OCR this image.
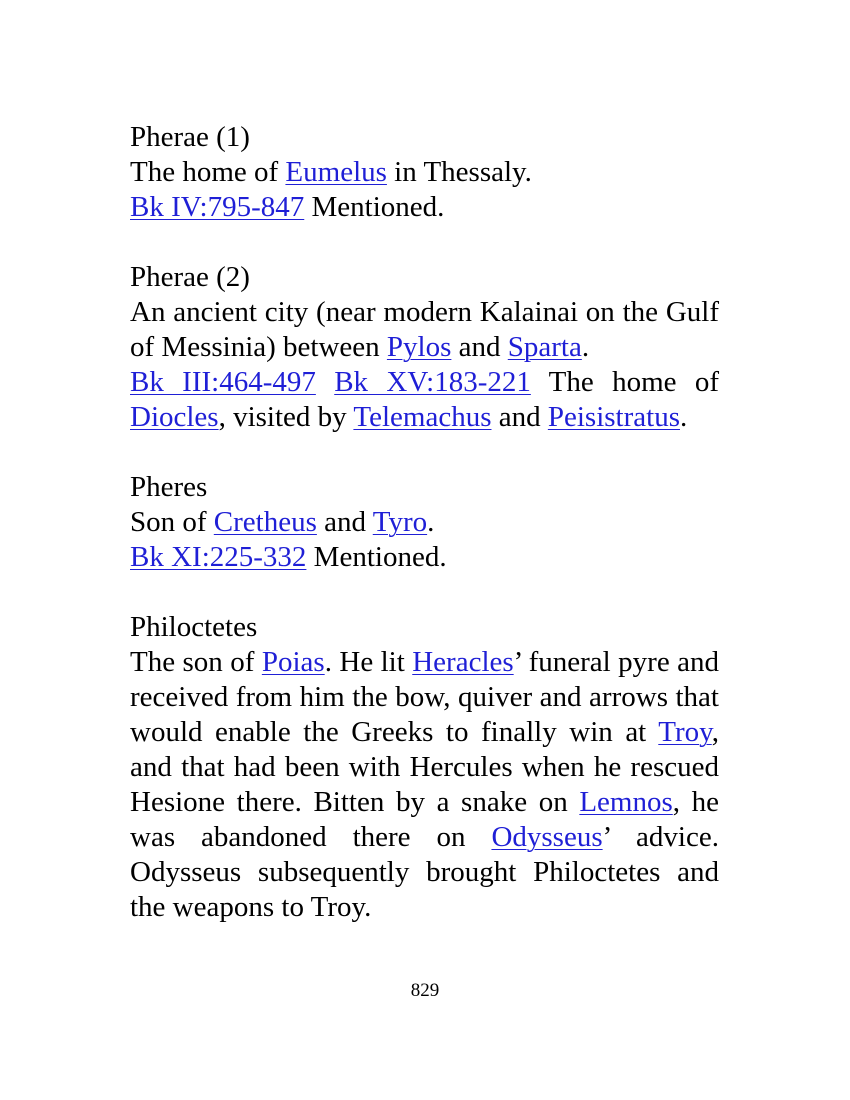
Pherae (1)
The home of Eumelus in Thessaly.
Bk IV:795-847 Mentioned.
Pherae (2)
An ancient city (near modern Kalainai on the Gulf of Messinia) between Pylos and Sparta.
Bk III:464-497 Bk XV:183-221 The home of Diocles, visited by Telemachus and Peisistratus.
Pheres
Son of Cretheus and Tyro.
Bk XI:225-332 Mentioned.
Philoctetes
The son of Poias. He lit Heracles’ funeral pyre and received from him the bow, quiver and arrows that would enable the Greeks to finally win at Troy, and that had been with Hercules when he rescued Hesione there. Bitten by a snake on Lemnos, he was abandoned there on Odysseus’ advice. Odysseus subsequently brought Philoctetes and the weapons to Troy.
829
